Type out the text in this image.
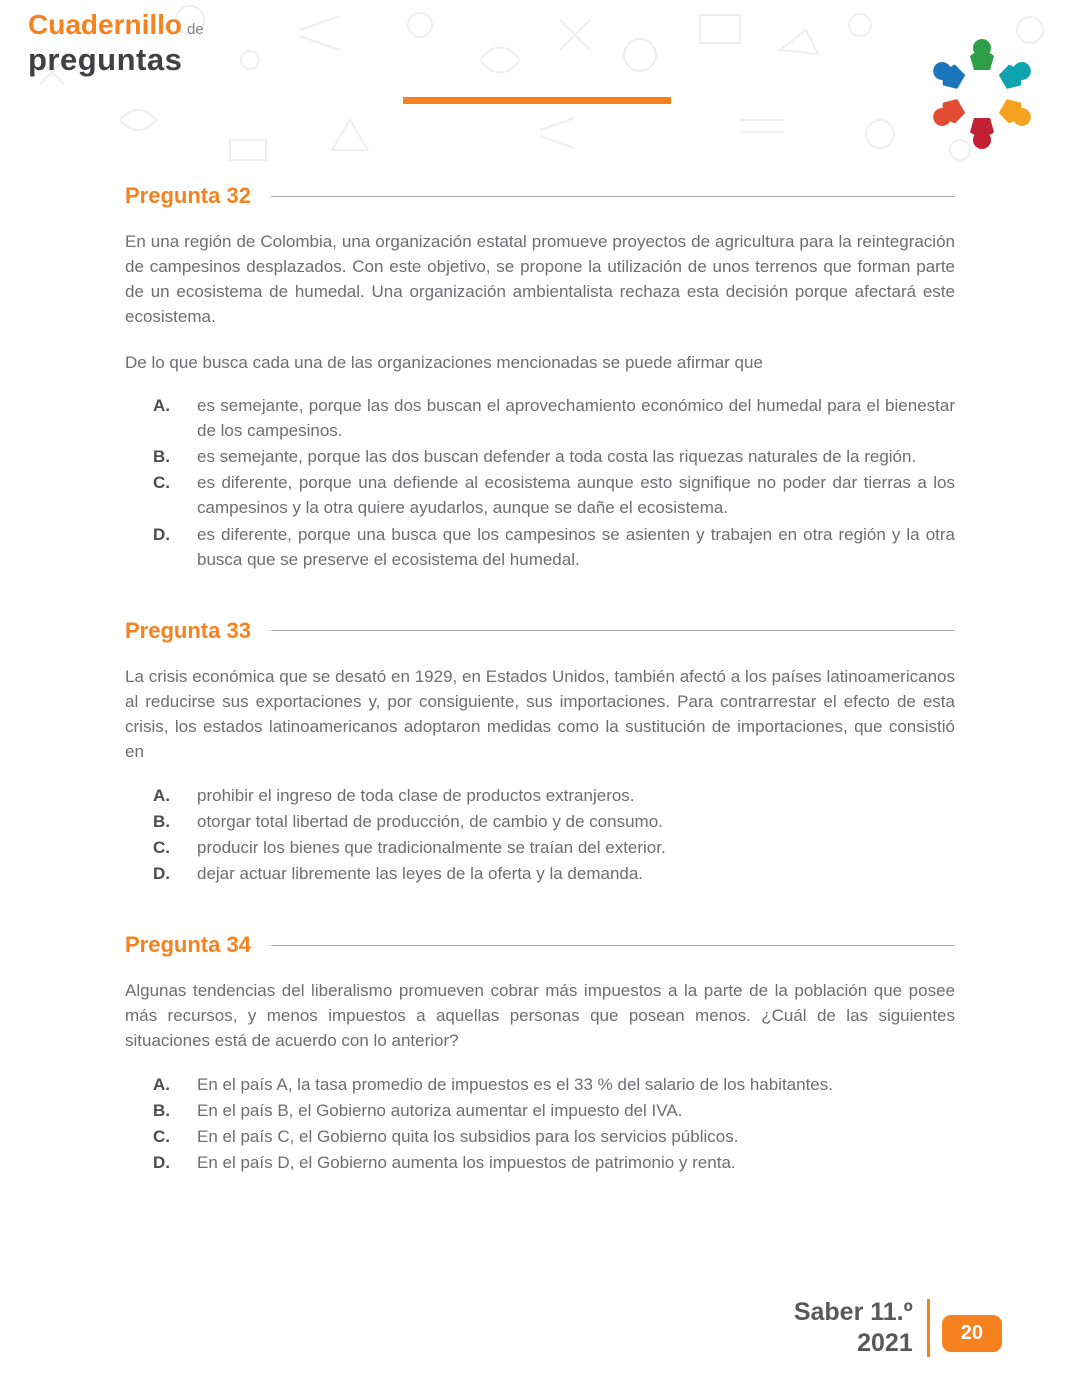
Cuadernillo de
preguntas
Pregunta 32

En una región de Colombia, una organización estatal promueve proyectos de agricultura para la reintegración de campesinos desplazados. Con este objetivo, se propone la utilización de unos terrenos que forman parte de un ecosistema de humedal. Una organización ambientalista rechaza esta decisión porque afectará este ecosistema.

De lo que busca cada una de las organizaciones mencionadas se puede afirmar que

A.	es semejante, porque las dos buscan el aprovechamiento económico del humedal para el bienestar de los campesinos.
B.	es semejante, porque las dos buscan defender a toda costa las riquezas naturales de la región.
C.	es diferente, porque una defiende al ecosistema aunque esto signifique no poder dar tierras a los campesinos y la otra quiere ayudarlos, aunque se dañe el ecosistema.
D.	es diferente, porque una busca que los campesinos se asienten y trabajen en otra región y la otra busca que se preserve el ecosistema del humedal.
Pregunta 33

La crisis económica que se desató en 1929, en Estados Unidos, también afectó a los países latinoamericanos al reducirse sus exportaciones y, por consiguiente, sus importaciones. Para contrarrestar el efecto de esta crisis, los estados latinoamericanos adoptaron medidas como la sustitución de importaciones, que consistió en

A.	prohibir el ingreso de toda clase de productos extranjeros.
B.	otorgar total libertad de producción, de cambio y de consumo.
C.	producir los bienes que tradicionalmente se traían del exterior.
D.	dejar actuar libremente las leyes de la oferta y la demanda.
Pregunta 34

Algunas tendencias del liberalismo promueven cobrar más impuestos a la parte de la población que posee más recursos, y menos impuestos a aquellas personas que posean menos. ¿Cuál de las siguientes situaciones está de acuerdo con lo anterior?

A.	En el país A, la tasa promedio de impuestos es el 33 % del salario de los habitantes.
B.	En el país B, el Gobierno autoriza aumentar el impuesto del IVA.
C.	En el país C, el Gobierno quita los subsidios para los servicios públicos.
D.	En el país D, el Gobierno aumenta los impuestos de patrimonio y renta.
Saber 11.º
2021	20
